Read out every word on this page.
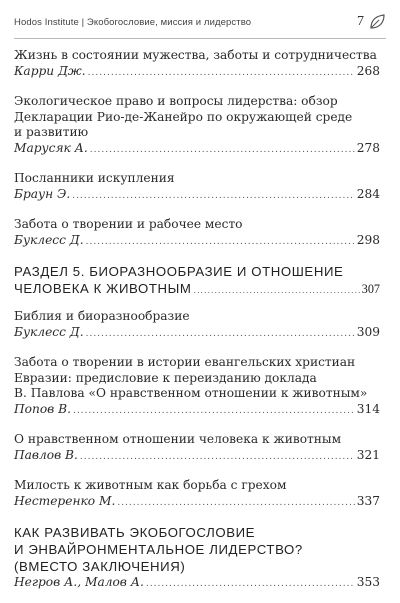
Hodos Institute | Экобогословие, миссия и лидерство	7
Жизнь в состоянии мужества, заботы и сотрудничества
Карри Дж. .....	268
Экологическое право и вопросы лидерства: обзор
Декларации Рио-де-Жанейро по окружающей среде
и развитию
Марусяк А. .....	278
Посланники искупления
Браун Э. .....	284
Забота о творении и рабочее место
Буклесс Д. .....	298
РАЗДЕЛ 5. БИОРАЗНООБРАЗИЕ И ОТНОШЕНИЕ
ЧЕЛОВЕКА К ЖИВОТНЫМ .....	307
Библия и биоразнообразие
Буклесс Д. .....	309
Забота о творении в истории евангельских христиан
Евразии: предисловие к переизданию доклада
В. Павлова «О нравственном отношении к животным»
Попов В. .....	314
О нравственном отношении человека к животным
Павлов В. .....	321
Милость к животным как борьба с грехом
Нестеренко М. .....	337
КАК РАЗВИВАТЬ ЭКОБОГОСЛОВИЕ
И ЭНВАЙРОНМЕНТАЛЬНОЕ ЛИДЕРСТВО?
(ВМЕСТО ЗАКЛЮЧЕНИЯ)
Негров А., Малов А. .....	353
